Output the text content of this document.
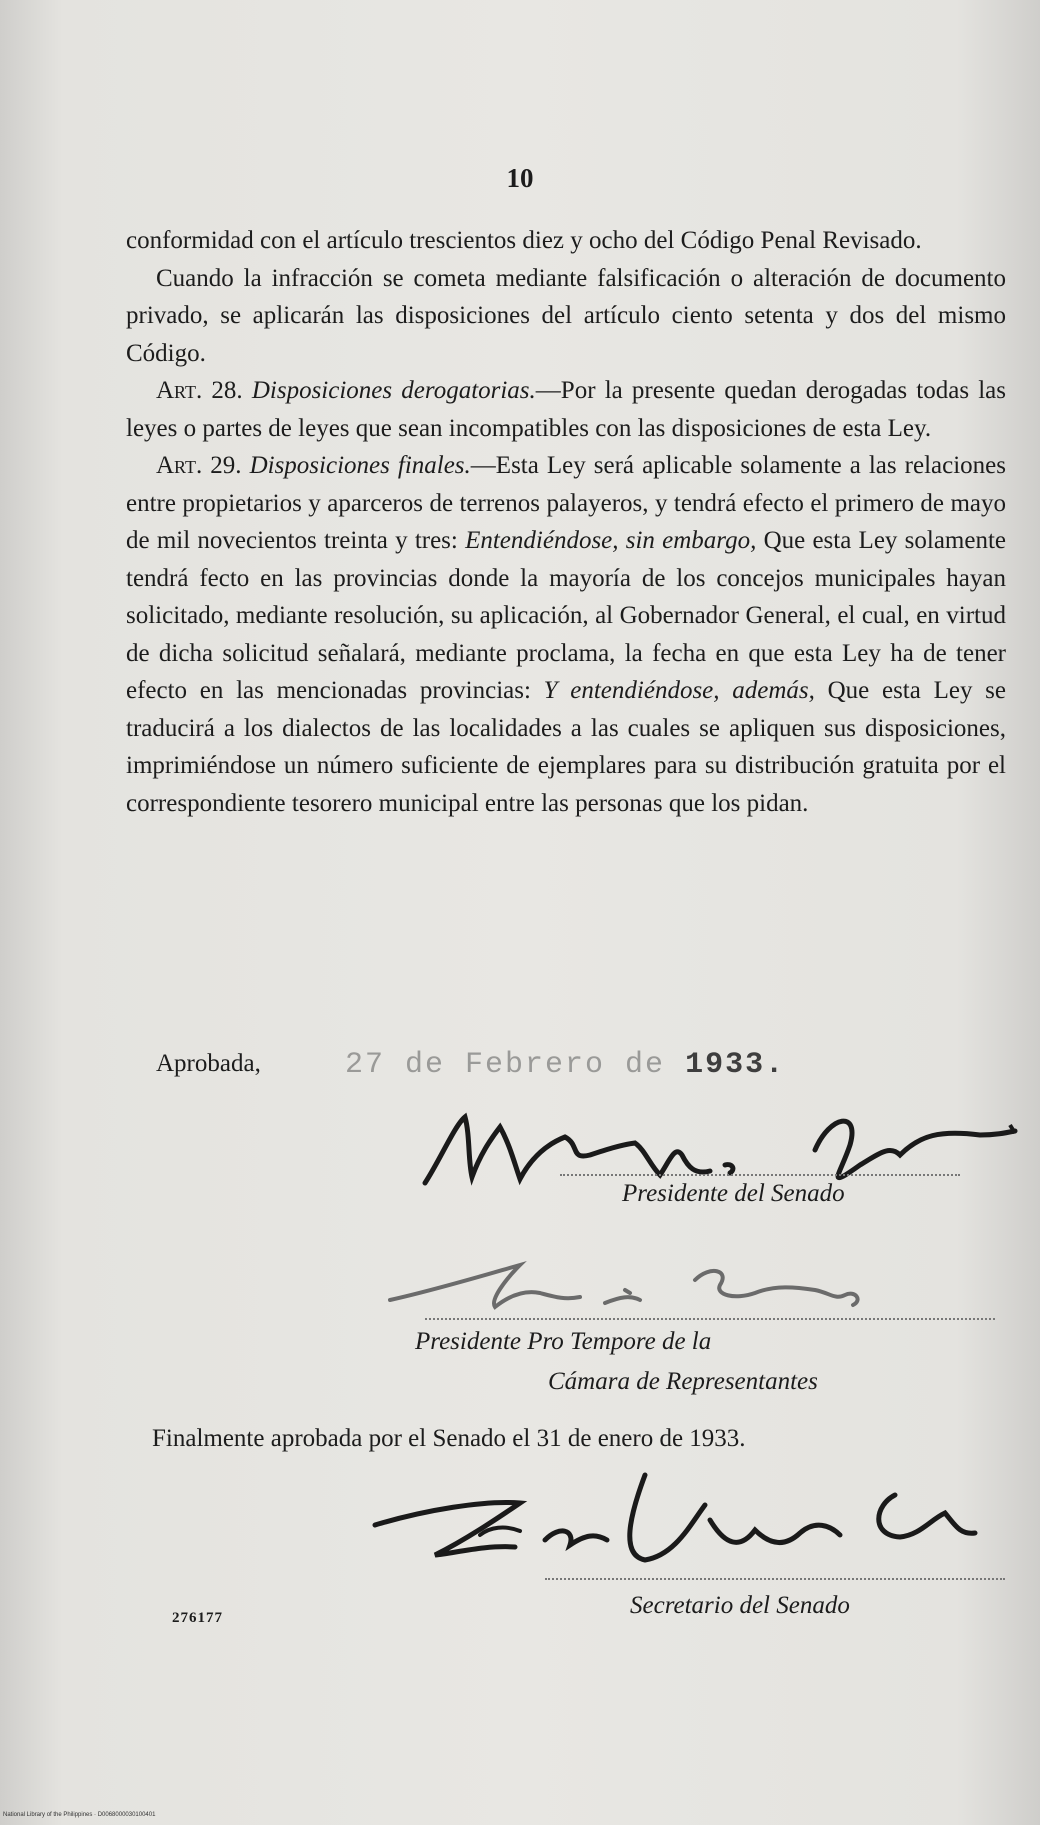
10

conformidad con el artículo trescientos diez y ocho del Código Penal Revisado.

Cuando la infracción se cometa mediante falsificación o alteración de documento privado, se aplicarán las disposiciones del artículo ciento setenta y dos del mismo Código.

Art. 28. Disposiciones derogatorias.—Por la presente quedan derogadas todas las leyes o partes de leyes que sean incompatibles con las disposiciones de esta Ley.

Art. 29. Disposiciones finales.—Esta Ley será aplicable solamente a las relaciones entre propietarios y aparceros de terrenos palayeros, y tendrá efecto el primero de mayo de mil novecientos treinta y tres: Entendiéndose, sin embargo, Que esta Ley solamente tendrá fecto en las provincias donde la mayoría de los concejos municipales hayan solicitado, mediante resolución, su aplicación, al Gobernador General, el cual, en virtud de dicha solicitud señalará, mediante proclama, la fecha en que esta Ley ha de tener efecto en las mencionadas provincias: Y entendiéndose, además, Que esta Ley se traducirá a los dialectos de las localidades a las cuales se apliquen sus disposiciones, imprimiéndose un número suficiente de ejemplares para su distribución gratuita por el correspondiente tesorero municipal entre las personas que los pidan.

Aprobada,	27 de Febrero de 1933.
Presidente del Senado
Presidente Pro Tempore de la
Cámara de Representantes

Finalmente aprobada por el Senado el 31 de enero de 1933.

Secretario del Senado
276177
National Library of the Philippines · D0068000030100401
